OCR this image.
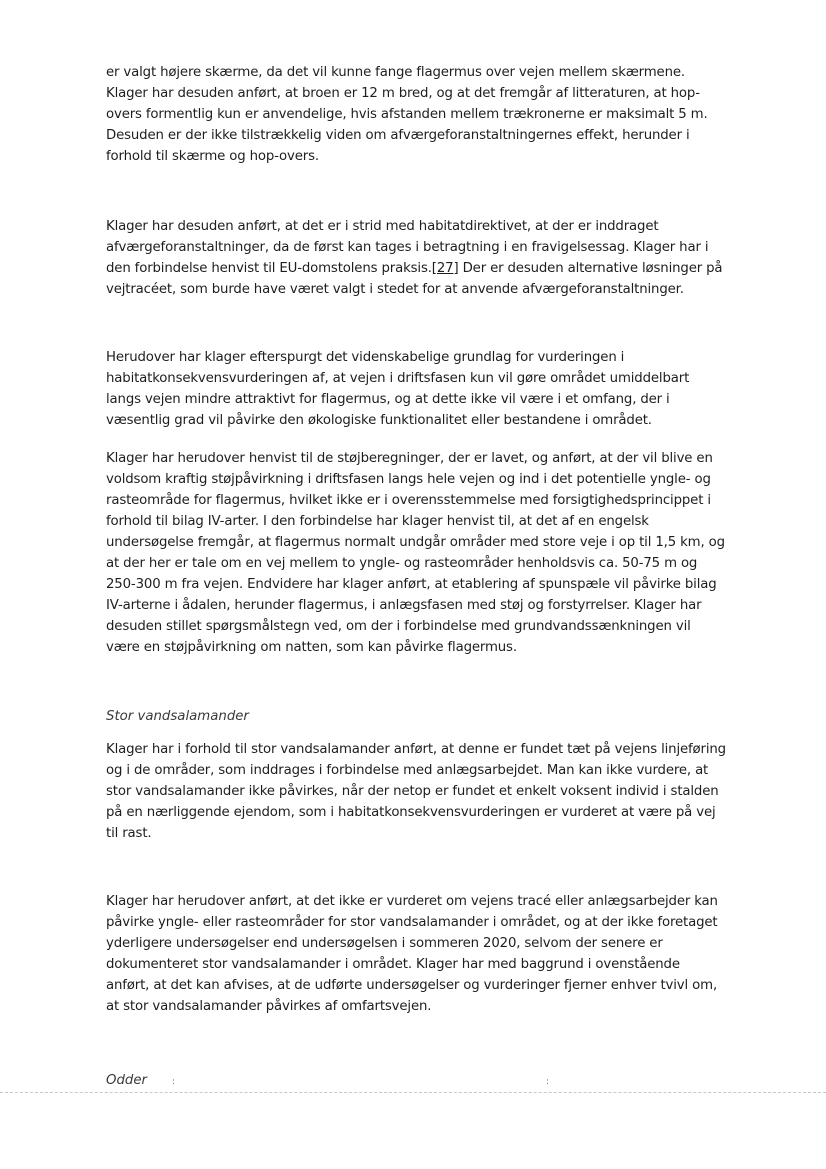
er valgt højere skærme, da det vil kunne fange flagermus over vejen mellem skærmene. Klager har desuden anført, at broen er 12 m bred, og at det fremgår af litteraturen, at hop-overs formentlig kun er anvendelige, hvis afstanden mellem trækronerne er maksimalt 5 m. Desuden er der ikke tilstrækkelig viden om afværgeforanstaltningernes effekt, herunder i forhold til skærme og hop-overs.

Klager har desuden anført, at det er i strid med habitatdirektivet, at der er inddraget afværgeforanstaltninger, da de først kan tages i betragtning i en fravigelsessag. Klager har i den forbindelse henvist til EU-domstolens praksis.[27] Der er desuden alternative løsninger på vejtracéet, som burde have været valgt i stedet for at anvende afværgeforanstaltninger.

Herudover har klager efterspurgt det videnskabelige grundlag for vurderingen i habitatkonsekvensvurderingen af, at vejen i driftsfasen kun vil gøre området umiddelbart langs vejen mindre attraktivt for flagermus, og at dette ikke vil være i et omfang, der i væsentlig grad vil påvirke den økologiske funktionalitet eller bestandene i området.

Klager har herudover henvist til de støjberegninger, der er lavet, og anført, at der vil blive en voldsom kraftig støjpåvirkning i driftsfasen langs hele vejen og ind i det potentielle yngle- og rasteområde for flagermus, hvilket ikke er i overensstemmelse med forsigtighedsprincippet i forhold til bilag IV-arter. I den forbindelse har klager henvist til, at det af en engelsk undersøgelse fremgår, at flagermus normalt undgår områder med store veje i op til 1,5 km, og at der her er tale om en vej mellem to yngle- og rasteområder henholdsvis ca. 50-75 m og 250-300 m fra vejen. Endvidere har klager anført, at etablering af spunspæle vil påvirke bilag IV-arterne i ådalen, herunder flagermus, i anlægsfasen med støj og forstyrrelser. Klager har desuden stillet spørgsmålstegn ved, om der i forbindelse med grundvandssænkningen vil være en støjpåvirkning om natten, som kan påvirke flagermus.

Stor vandsalamander

Klager har i forhold til stor vandsalamander anført, at denne er fundet tæt på vejens linjeføring og i de områder, som inddrages i forbindelse med anlægsarbejdet. Man kan ikke vurdere, at stor vandsalamander ikke påvirkes, når der netop er fundet et enkelt voksent individ i stalden på en nærliggende ejendom, som i habitatkonsekvensvurderingen er vurderet at være på vej til rast.

Klager har herudover anført, at det ikke er vurderet om vejens tracé eller anlægsarbejder kan påvirke yngle- eller rasteområder for stor vandsalamander i området, og at der ikke foretaget yderligere undersøgelser end undersøgelsen i sommeren 2020, selvom der senere er dokumenteret stor vandsalamander i området. Klager har med baggrund i ovenstående anført, at det kan afvises, at de udførte undersøgelser og vurderinger fjerner enhver tvivl om, at stor vandsalamander påvirkes af omfartsvejen.

Odder	:	:
